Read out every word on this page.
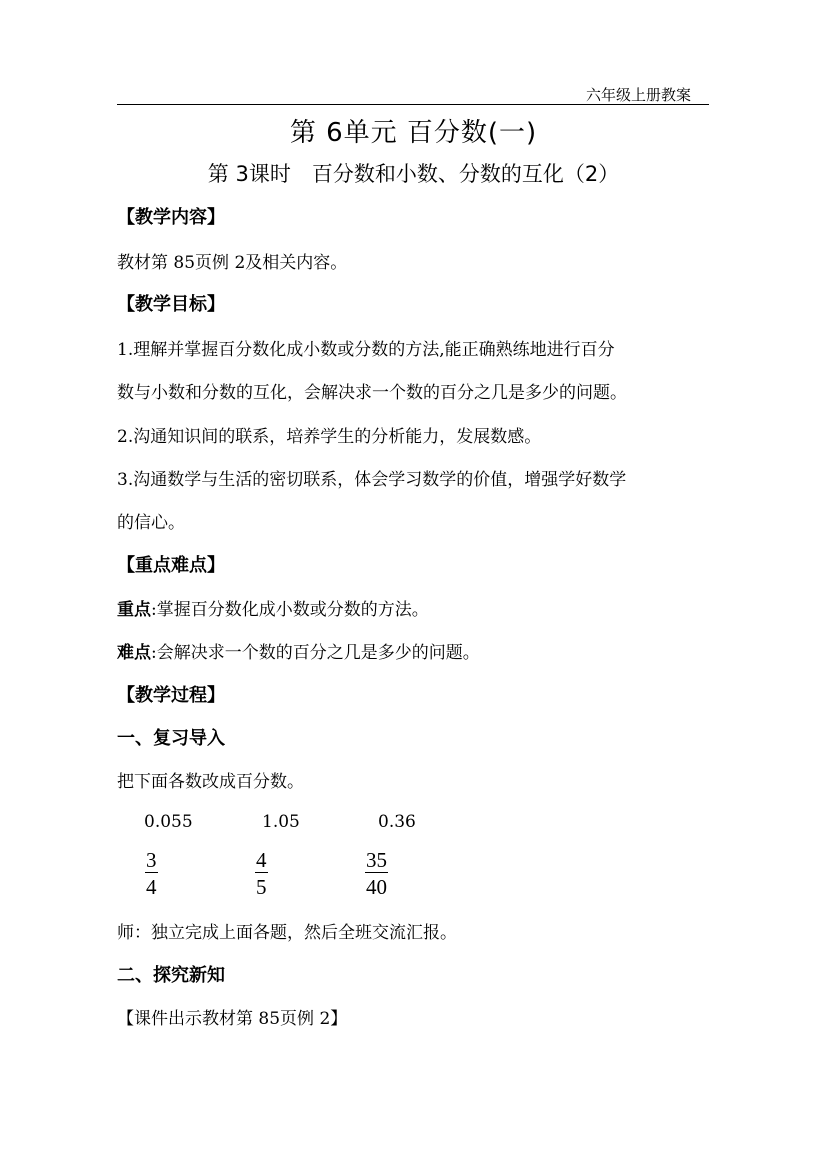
六年级上册教案
第 6单元 百分数(一)
第 3课时　百分数和小数、分数的互化（2）
【教学内容】
教材第 85页例 2及相关内容。
【教学目标】
1.理解并掌握百分数化成小数或分数的方法,能正确熟练地进行百分
数与小数和分数的互化，会解决求一个数的百分之几是多少的问题。
2.沟通知识间的联系，培养学生的分析能力，发展数感。
3.沟通数学与生活的密切联系，体会学习数学的价值，增强学好数学
的信心。
【重点难点】
重点:掌握百分数化成小数或分数的方法。
难点:会解决求一个数的百分之几是多少的问题。
【教学过程】
一、复习导入
把下面各数改成百分数。
0.055	1.05	0.36
$\frac{3}{4}$	$\frac{4}{5}$	$\frac{35}{40}$
师：独立完成上面各题，然后全班交流汇报。
二、探究新知
【课件出示教材第 85页例 2】
